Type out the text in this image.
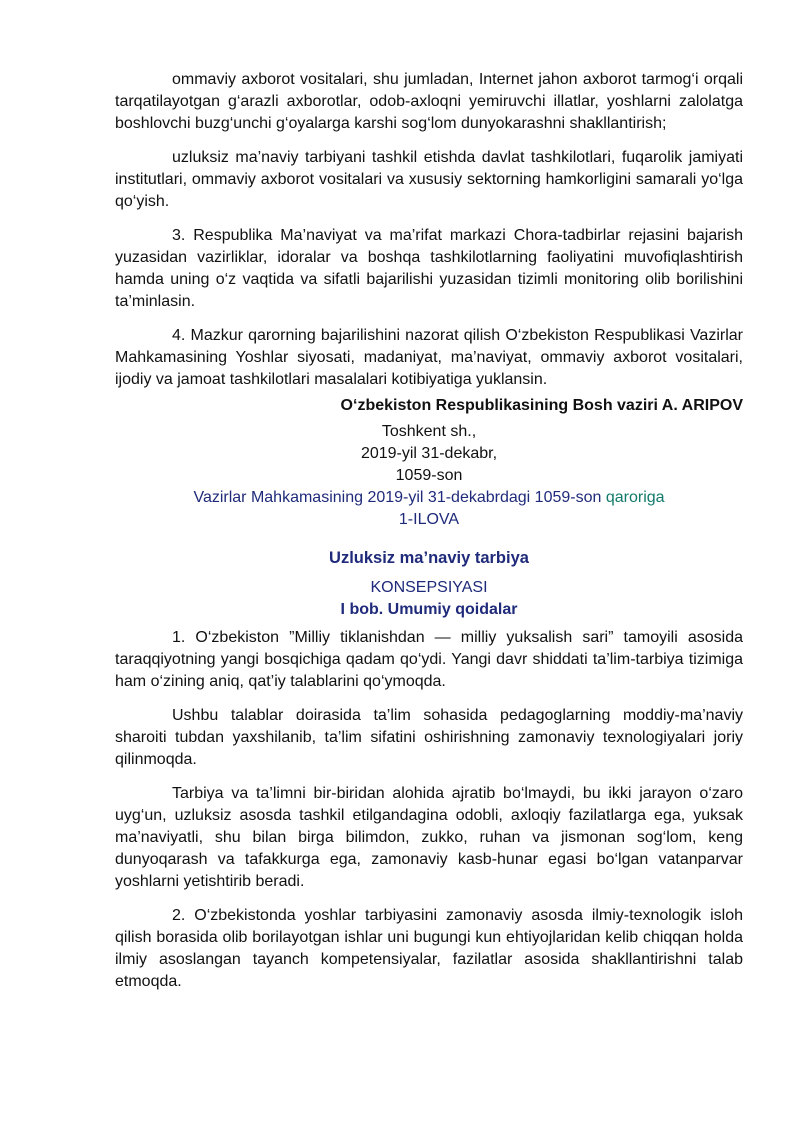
ommaviy axborot vositalari, shu jumladan, Internet jahon axborot tarmog‘i orqali tarqatilayotgan g‘arazli axborotlar, odob-axloqni yemiruvchi illatlar, yoshlarni zalolatga boshlovchi buzg‘unchi g‘oyalarga karshi sog‘lom dunyokarashni shakllantirish;

uzluksiz ma’naviy tarbiyani tashkil etishda davlat tashkilotlari, fuqarolik jamiyati institutlari, ommaviy axborot vositalari va xususiy sektorning hamkorligini samarali yo‘lga qo‘yish.

3. Respublika Ma’naviyat va ma’rifat markazi Chora-tadbirlar rejasini bajarish yuzasidan vazirliklar, idoralar va boshqa tashkilotlarning faoliyatini muvofiqlashtirish hamda uning o‘z vaqtida va sifatli bajarilishi yuzasidan tizimli monitoring olib borilishini ta’minlasin.

4. Mazkur qarorning bajarilishini nazorat qilish O‘zbekiston Respublikasi Vazirlar Mahkamasining Yoshlar siyosati, madaniyat, ma’naviyat, ommaviy axborot vositalari, ijodiy va jamoat tashkilotlari masalalari kotibiyatiga yuklansin.

O‘zbekiston Respublikasining Bosh vaziri A. ARIPOV

Toshkent sh.,

2019-yil 31-dekabr,

1059-son

Vazirlar Mahkamasining 2019-yil 31-dekabrdagi 1059-son qaroriga

1-ILOVA

Uzluksiz ma’naviy tarbiya

KONSEPSIYASI

I bob. Umumiy qoidalar

1. O‘zbekiston ”Milliy tiklanishdan — milliy yuksalish sari” tamoyili asosida taraqqiyotning yangi bosqichiga qadam qo‘ydi. Yangi davr shiddati ta’lim-tarbiya tizimiga ham o‘zining aniq, qat’iy talablarini qo‘ymoqda.

Ushbu talablar doirasida ta’lim sohasida pedagoglarning moddiy-ma’naviy sharoiti tubdan yaxshilanib, ta’lim sifatini oshirishning zamonaviy texnologiyalari joriy qilinmoqda.

Tarbiya va ta’limni bir-biridan alohida ajratib bo‘lmaydi, bu ikki jarayon o‘zaro uyg‘un, uzluksiz asosda tashkil etilgandagina odobli, axloqiy fazilatlarga ega, yuksak ma’naviyatli, shu bilan birga bilimdon, zukko, ruhan va jismonan sog‘lom, keng dunyoqarash va tafakkurga ega, zamonaviy kasb-hunar egasi bo‘lgan vatanparvar yoshlarni yetishtirib beradi.

2. O‘zbekistonda yoshlar tarbiyasini zamonaviy asosda ilmiy-texnologik isloh qilish borasida olib borilayotgan ishlar uni bugungi kun ehtiyojlaridan kelib chiqqan holda ilmiy asoslangan tayanch kompetensiyalar, fazilatlar asosida shakllantirishni talab etmoqda.
